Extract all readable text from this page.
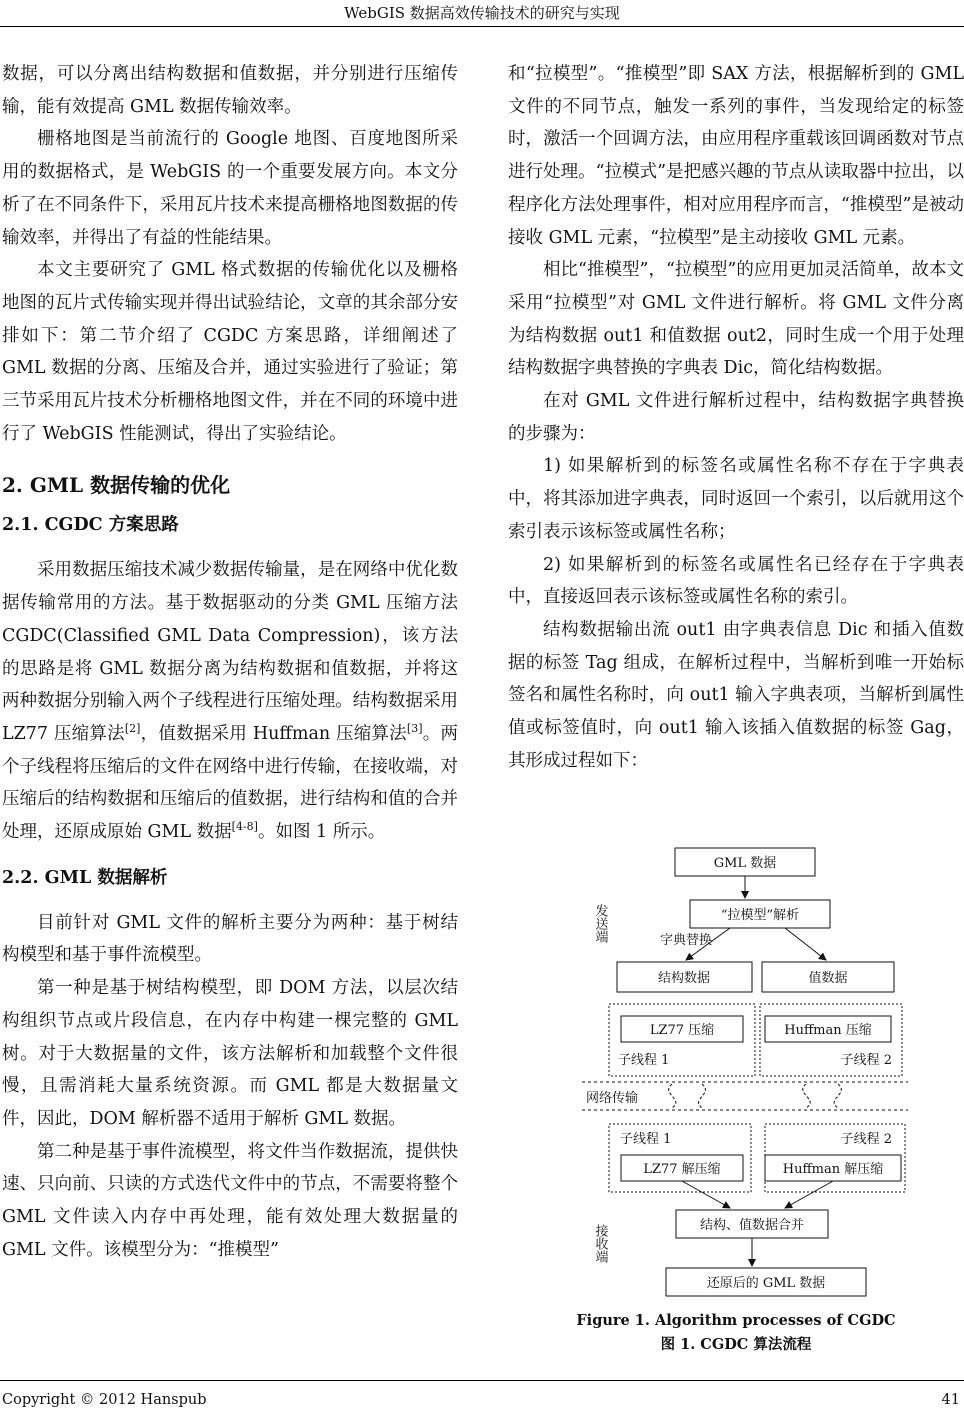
WebGIS 数据高效传输技术的研究与实现

数据，可以分离出结构数据和值数据，并分别进行压缩传输，能有效提高 GML 数据传输效率。

栅格地图是当前流行的 Google 地图、百度地图所采用的数据格式，是 WebGIS 的一个重要发展方向。本文分析了在不同条件下，采用瓦片技术来提高栅格地图数据的传输效率，并得出了有益的性能结果。

本文主要研究了 GML 格式数据的传输优化以及栅格地图的瓦片式传输实现并得出试验结论，文章的其余部分安排如下：第二节介绍了 CGDC 方案思路，详细阐述了 GML 数据的分离、压缩及合并，通过实验进行了验证；第三节采用瓦片技术分析栅格地图文件，并在不同的环境中进行了 WebGIS 性能测试，得出了实验结论。

2. GML 数据传输的优化
2.1. CGDC 方案思路

采用数据压缩技术减少数据传输量，是在网络中优化数据传输常用的方法。基于数据驱动的分类 GML 压缩方法 CGDC(Classified GML Data Compression)，该方法的思路是将 GML 数据分离为结构数据和值数据，并将这两种数据分别输入两个子线程进行压缩处理。结构数据采用 LZ77 压缩算法[2]，值数据采用 Huffman 压缩算法[3]。两个子线程将压缩后的文件在网络中进行传输，在接收端，对压缩后的结构数据和压缩后的值数据，进行结构和值的合并处理，还原成原始 GML 数据[4-8]。如图 1 所示。

2.2. GML 数据解析

目前针对 GML 文件的解析主要分为两种：基于树结构模型和基于事件流模型。

第一种是基于树结构模型，即 DOM 方法，以层次结构组织节点或片段信息，在内存中构建一棵完整的 GML 树。对于大数据量的文件，该方法解析和加载整个文件很慢，且需消耗大量系统资源。而 GML 都是大数据量文件，因此，DOM 解析器不适用于解析 GML 数据。

第二种是基于事件流模型，将文件当作数据流，提供快速、只向前、只读的方式迭代文件中的节点，不需要将整个 GML 文件读入内存中再处理，能有效处理大数据量的 GML 文件。该模型分为：“推模型”

和“拉模型”。“推模型”即 SAX 方法，根据解析到的 GML 文件的不同节点，触发一系列的事件，当发现给定的标签时，激活一个回调方法，由应用程序重载该回调函数对节点进行处理。“拉模式”是把感兴趣的节点从读取器中拉出，以程序化方法处理事件，相对应用程序而言，“推模型”是被动接收 GML 元素，“拉模型”是主动接收 GML 元素。

相比“推模型”，“拉模型”的应用更加灵活简单，故本文采用“拉模型”对 GML 文件进行解析。将 GML 文件分离为结构数据 out1 和值数据 out2，同时生成一个用于处理结构数据字典替换的字典表 Dic，简化结构数据。

在对 GML 文件进行解析过程中，结构数据字典替换的步骤为：

1) 如果解析到的标签名或属性名称不存在于字典表中，将其添加进字典表，同时返回一个索引，以后就用这个索引表示该标签或属性名称；

2) 如果解析到的标签名或属性名已经存在于字典表中，直接返回表示该标签或属性名称的索引。

结构数据输出流 out1 由字典表信息 Dic 和插入值数据的标签 Tag 组成，在解析过程中，当解析到唯一开始标签名和属性名称时，向 out1 输入字典表项，当解析到属性值或标签值时，向 out1 输入该插入值数据的标签 Gag，其形成过程如下：

GML 数据
“拉模型”解析
字典替换
结构数据	值数据
LZ77 压缩	Huffman 压缩
子线程 1	子线程 2
网络传输
子线程 1	子线程 2
LZ77 解压缩	Huffman 解压缩
结构、值数据合并
还原后的 GML 数据
发送端
接收端
Figure 1. Algorithm processes of CGDC
图 1. CGDC 算法流程
Copyright © 2012 Hanspub	41
